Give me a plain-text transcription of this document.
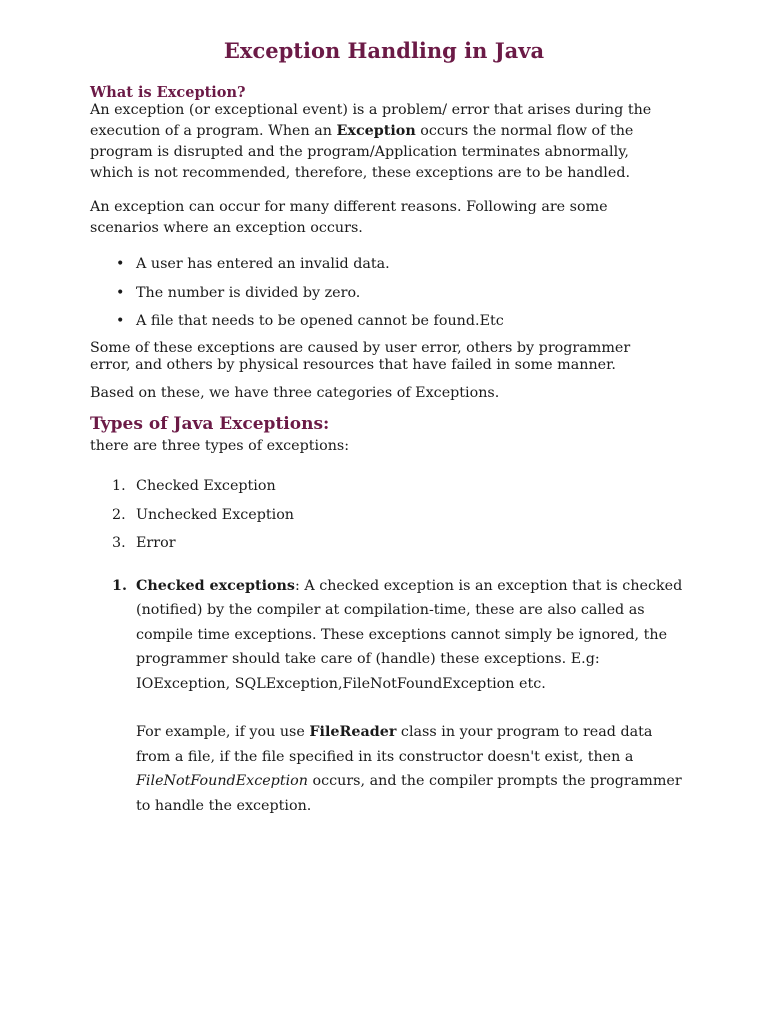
Exception Handling in Java
What is Exception?

An exception (or exceptional event) is a problem/ error that arises during the execution of a program. When an Exception occurs the normal flow of the program is disrupted and the program/Application terminates abnormally, which is not recommended, therefore, these exceptions are to be handled.

An exception can occur for many different reasons. Following are some scenarios where an exception occurs.

• A user has entered an invalid data.
• The number is divided by zero.
• A file that needs to be opened cannot be found.Etc

Some of these exceptions are caused by user error, others by programmer error, and others by physical resources that have failed in some manner.

Based on these, we have three categories of Exceptions.

Types of Java Exceptions:

there are three types of exceptions:

1. Checked Exception
2. Unchecked Exception
3. Error
1. Checked exceptions: A checked exception is an exception that is checked (notified) by the compiler at compilation-time, these are also called as compile time exceptions. These exceptions cannot simply be ignored, the programmer should take care of (handle) these exceptions. E.g: IOException, SQLException,FileNotFoundException etc.

For example, if you use FileReader class in your program to read data from a file, if the file specified in its constructor doesn't exist, then a FileNotFoundException occurs, and the compiler prompts the programmer to handle the exception.
